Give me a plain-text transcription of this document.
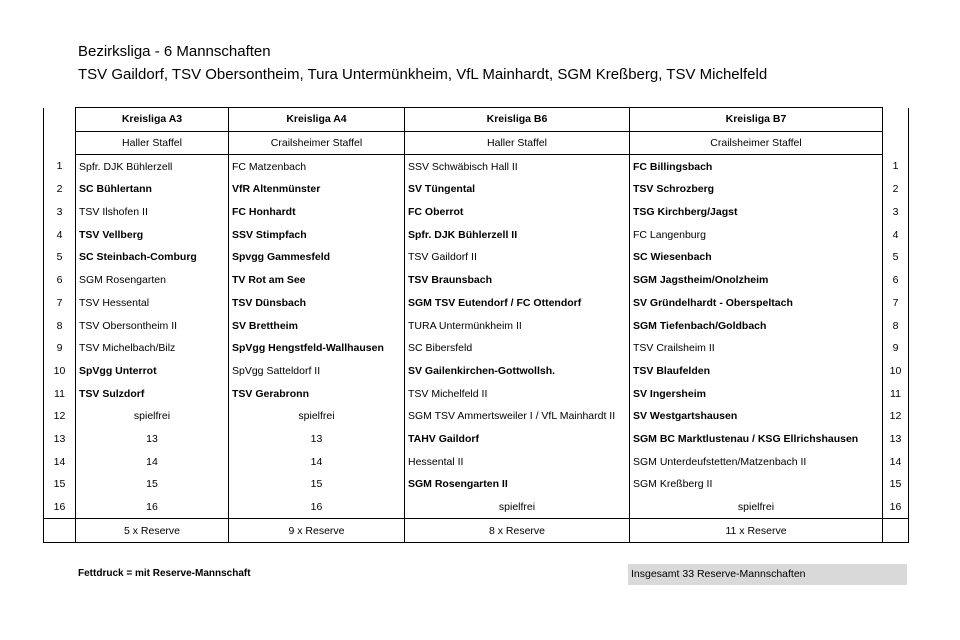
Bezirksliga - 6 Mannschaften
TSV Gaildorf, TSV Obersontheim, Tura Untermünkheim, VfL Mainhardt, SGM Kreßberg, TSV Michelfeld
	Kreisliga A3	Kreisliga A4	Kreisliga B6	Kreisliga B7	
	Haller Staffel	Crailsheimer Staffel	Haller Staffel	Crailsheimer Staffel	
1	Spfr. DJK Bühlerzell	FC Matzenbach	SSV Schwäbisch Hall II	FC Billingsbach	1
2	SC Bühlertann	VfR Altenmünster	SV Tüngental	TSV Schrozberg	2
3	TSV Ilshofen II	FC Honhardt	FC Oberrot	TSG Kirchberg/Jagst	3
4	TSV Vellberg	SSV Stimpfach	Spfr. DJK Bühlerzell II	FC Langenburg	4
5	SC Steinbach-Comburg	Spvgg Gammesfeld	TSV Gaildorf II	SC Wiesenbach	5
6	SGM Rosengarten	TV Rot am See	TSV Braunsbach	SGM Jagstheim/Onolzheim	6
7	TSV Hessental	TSV Dünsbach	SGM TSV Eutendorf / FC Ottendorf	SV Gründelhardt - Oberspeltach	7
8	TSV Obersontheim II	SV Brettheim	TURA Untermünkheim II	SGM Tiefenbach/Goldbach	8
9	TSV Michelbach/Bilz	SpVgg Hengstfeld-Wallhausen	SC Bibersfeld	TSV Crailsheim II	9
10	SpVgg Unterrot	SpVgg Satteldorf II	SV Gailenkirchen-Gottwollsh.	TSV Blaufelden	10
11	TSV Sulzdorf	TSV Gerabronn	TSV Michelfeld II	SV Ingersheim	11
12	spielfrei	spielfrei	SGM TSV Ammertsweiler I / VfL Mainhardt II	SV Westgartshausen	12
13	13	13	TAHV Gaildorf	SGM BC Marktlustenau / KSG Ellrichshausen	13
14	14	14	Hessental II	SGM Unterdeufstetten/Matzenbach II	14
15	15	15	SGM Rosengarten II	SGM Kreßberg II	15
16	16	16	spielfrei	spielfrei	16
	5 x Reserve	9 x Reserve	8 x Reserve	11 x Reserve	
Fettdruck = mit Reserve-Mannschaft	Insgesamt 33 Reserve-Mannschaften
